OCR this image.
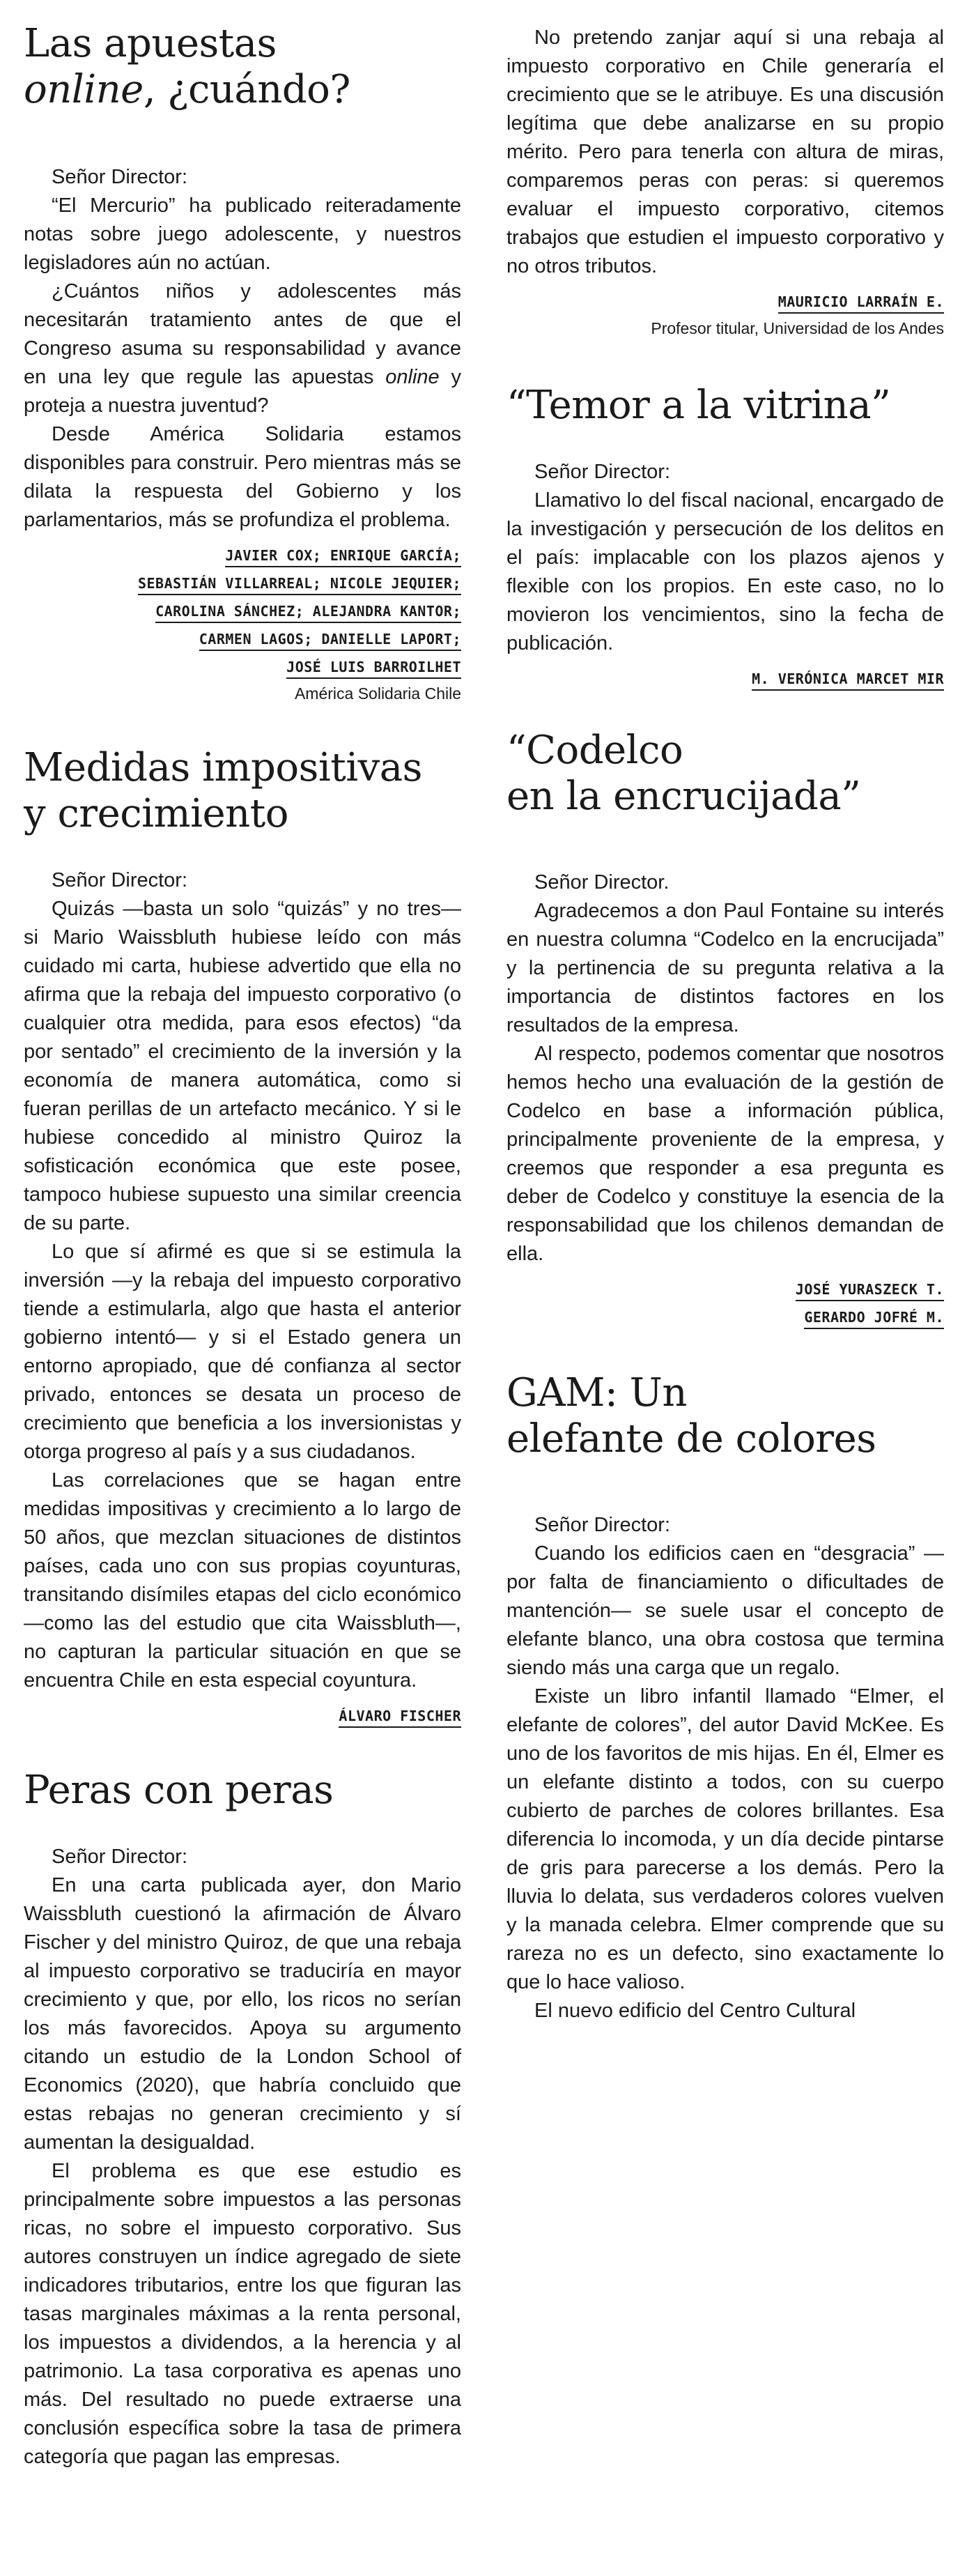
Las apuestas
online, ¿cuándo?

Señor Director:

“El Mercurio” ha publicado reiteradamente notas sobre juego adolescente, y nuestros legisladores aún no actúan.

¿Cuántos niños y adolescentes más necesitarán tratamiento antes de que el Congreso asuma su responsabilidad y avance en una ley que regule las apuestas online y proteja a nuestra juventud?

Desde América Solidaria estamos disponibles para construir. Pero mientras más se dilata la respuesta del Gobierno y los parlamentarios, más se profundiza el problema.

JAVIER COX; ENRIQUE GARCÍA;
SEBASTIÁN VILLARREAL; NICOLE JEQUIER;
CAROLINA SÁNCHEZ; ALEJANDRA KANTOR;
CARMEN LAGOS; DANIELLE LAPORT;
JOSÉ LUIS BARROILHET
América Solidaria Chile
Medidas impositivas
y crecimiento

Señor Director:

Quizás —basta un solo “quizás” y no tres— si Mario Waissbluth hubiese leído con más cuidado mi carta, hubiese advertido que ella no afirma que la rebaja del impuesto corporativo (o cualquier otra medida, para esos efectos) “da por sentado” el crecimiento de la inversión y la economía de manera automática, como si fueran perillas de un artefacto mecánico. Y si le hubiese concedido al ministro Quiroz la sofisticación económica que este posee, tampoco hubiese supuesto una similar creencia de su parte.

Lo que sí afirmé es que si se estimula la inversión —y la rebaja del impuesto corporativo tiende a estimularla, algo que hasta el anterior gobierno intentó— y si el Estado genera un entorno apropiado, que dé confianza al sector privado, entonces se desata un proceso de crecimiento que beneficia a los inversionistas y otorga progreso al país y a sus ciudadanos.

Las correlaciones que se hagan entre medidas impositivas y crecimiento a lo largo de 50 años, que mezclan situaciones de distintos países, cada uno con sus propias coyunturas, transitando disímiles etapas del ciclo económico —como las del estudio que cita Waissbluth—, no capturan la particular situación en que se encuentra Chile en esta especial coyuntura.

ÁLVARO FISCHER
Peras con peras

Señor Director:

En una carta publicada ayer, don Mario Waissbluth cuestionó la afirmación de Álvaro Fischer y del ministro Quiroz, de que una rebaja al impuesto corporativo se traduciría en mayor crecimiento y que, por ello, los ricos no serían los más favorecidos. Apoya su argumento citando un estudio de la London School of Economics (2020), que habría concluido que estas rebajas no generan crecimiento y sí aumentan la desigualdad.

El problema es que ese estudio es principalmente sobre impuestos a las personas ricas, no sobre el impuesto corporativo. Sus autores construyen un índice agregado de siete indicadores tributarios, entre los que figuran las tasas marginales máximas a la renta personal, los impuestos a dividendos, a la herencia y al patrimonio. La tasa corporativa es apenas uno más. Del resultado no puede extraerse una conclusión específica sobre la tasa de primera categoría que pagan las empresas.

No pretendo zanjar aquí si una rebaja al impuesto corporativo en Chile generaría el crecimiento que se le atribuye. Es una discusión legítima que debe analizarse en su propio mérito. Pero para tenerla con altura de miras, comparemos peras con peras: si queremos evaluar el impuesto corporativo, citemos trabajos que estudien el impuesto corporativo y no otros tributos.

MAURICIO LARRAÍN E.
Profesor titular, Universidad de los Andes
“Temor a la vitrina”

Señor Director:

Llamativo lo del fiscal nacional, encargado de la investigación y persecución de los delitos en el país: implacable con los plazos ajenos y flexible con los propios. En este caso, no lo movieron los vencimientos, sino la fecha de publicación.

M. VERÓNICA MARCET MIR
“Codelco
en la encrucijada”

Señor Director.

Agradecemos a don Paul Fontaine su interés en nuestra columna “Codelco en la encrucijada” y la pertinencia de su pregunta relativa a la importancia de distintos factores en los resultados de la empresa.

Al respecto, podemos comentar que nosotros hemos hecho una evaluación de la gestión de Codelco en base a información pública, principalmente proveniente de la empresa, y creemos que responder a esa pregunta es deber de Codelco y constituye la esencia de la responsabilidad que los chilenos demandan de ella.

JOSÉ YURASZECK T.
GERARDO JOFRÉ M.
GAM: Un
elefante de colores

Señor Director:

Cuando los edificios caen en “desgracia” —por falta de financiamiento o dificultades de mantención— se suele usar el concepto de elefante blanco, una obra costosa que termina siendo más una carga que un regalo.

Existe un libro infantil llamado “Elmer, el elefante de colores”, del autor David McKee. Es uno de los favoritos de mis hijas. En él, Elmer es un elefante distinto a todos, con su cuerpo cubierto de parches de colores brillantes. Esa diferencia lo incomoda, y un día decide pintarse de gris para parecerse a los demás. Pero la lluvia lo delata, sus verdaderos colores vuelven y la manada celebra. Elmer comprende que su rareza no es un defecto, sino exactamente lo que lo hace valioso.

El nuevo edificio del Centro Cultural
